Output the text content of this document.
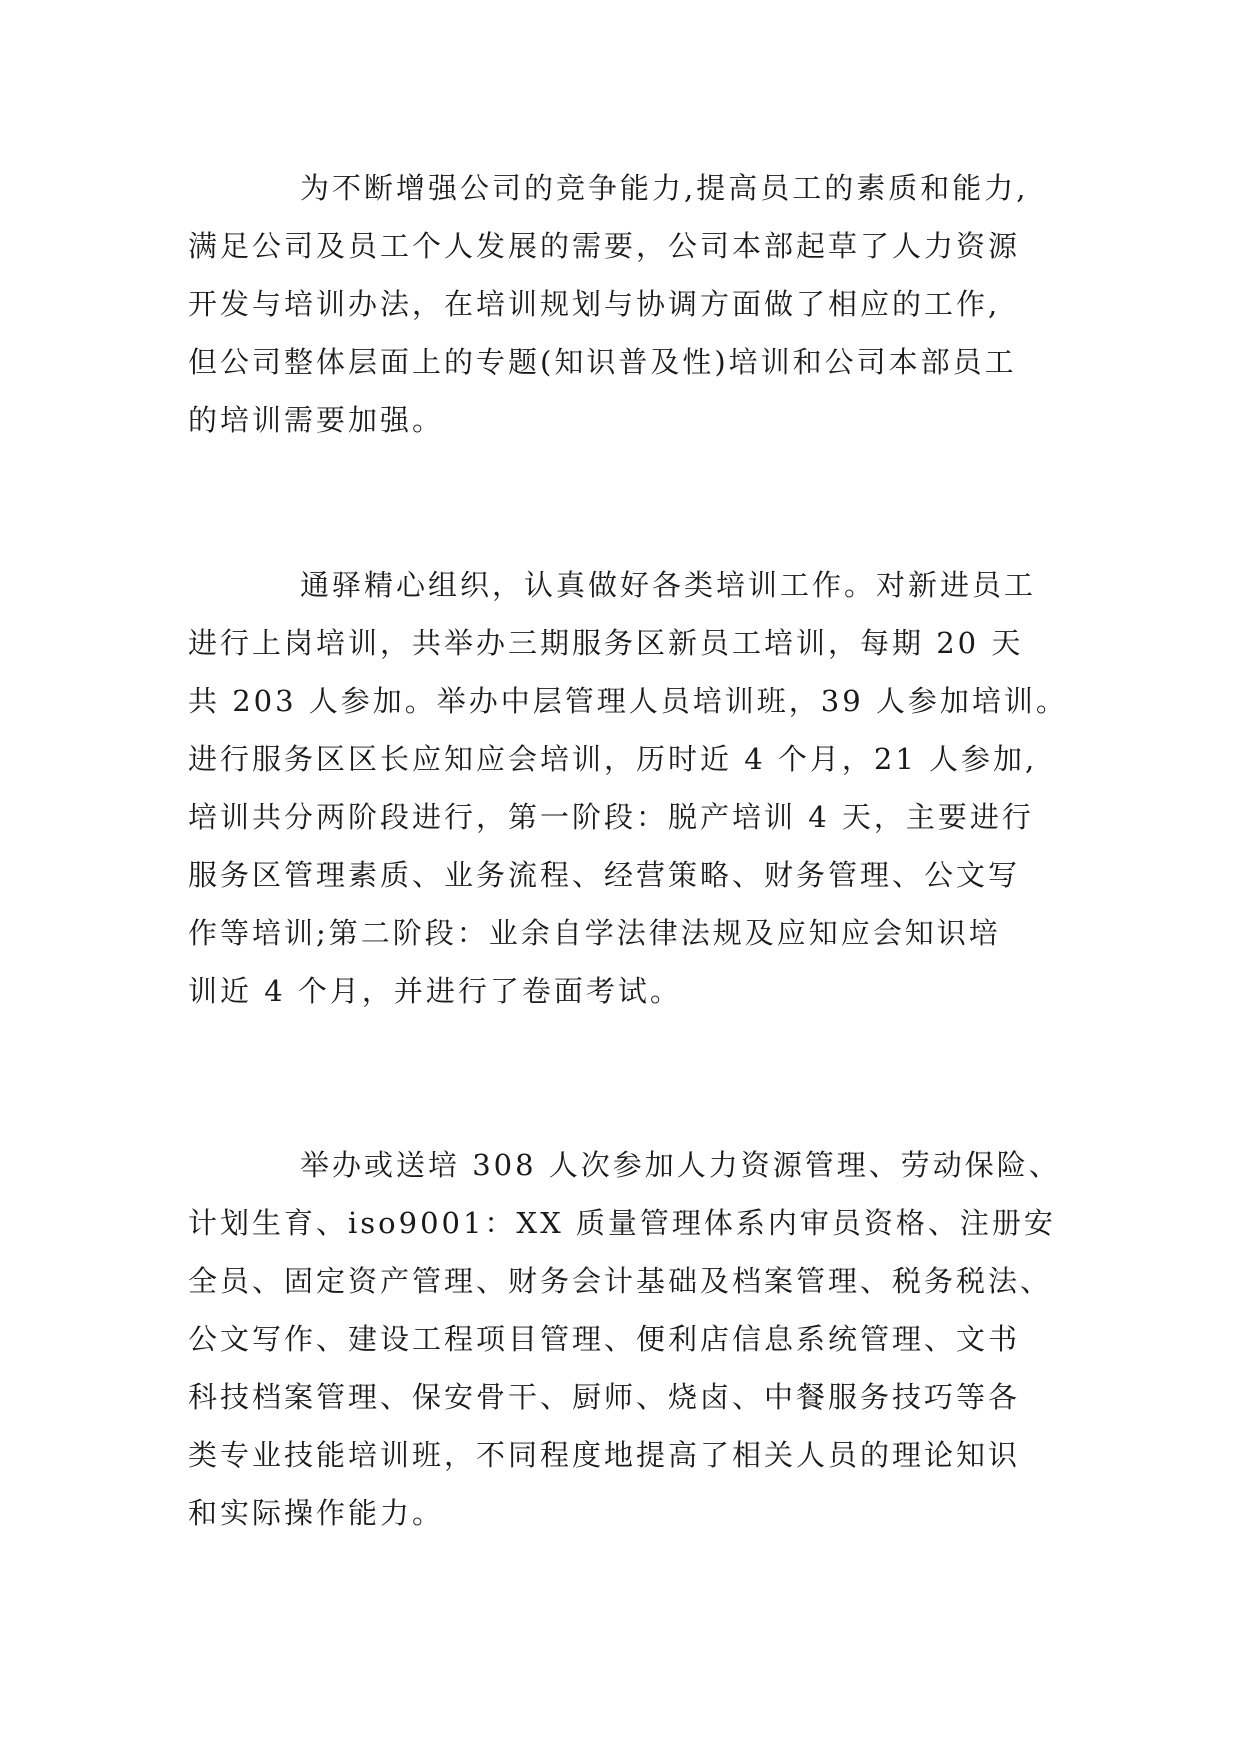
为不断增强公司的竞争能力,提高员工的素质和能力,
满足公司及员工个人发展的需要，公司本部起草了人力资源
开发与培训办法，在培训规划与协调方面做了相应的工作,
但公司整体层面上的专题(知识普及性)培训和公司本部员工
的培训需要加强。

通驿精心组织，认真做好各类培训工作。对新进员工
进行上岗培训，共举办三期服务区新员工培训，每期 20 天
共 203 人参加。举办中层管理人员培训班，39 人参加培训。
进行服务区区长应知应会培训，历时近 4 个月，21 人参加,
培训共分两阶段进行，第一阶段：脱产培训 4 天，主要进行
服务区管理素质、业务流程、经营策略、财务管理、公文写
作等培训;第二阶段：业余自学法律法规及应知应会知识培
训近 4 个月，并进行了卷面考试。

举办或送培 308 人次参加人力资源管理、劳动保险、
计划生育、iso9001：XX 质量管理体系内审员资格、注册安
全员、固定资产管理、财务会计基础及档案管理、税务税法、
公文写作、建设工程项目管理、便利店信息系统管理、文书
科技档案管理、保安骨干、厨师、烧卤、中餐服务技巧等各
类专业技能培训班，不同程度地提高了相关人员的理论知识
和实际操作能力。
